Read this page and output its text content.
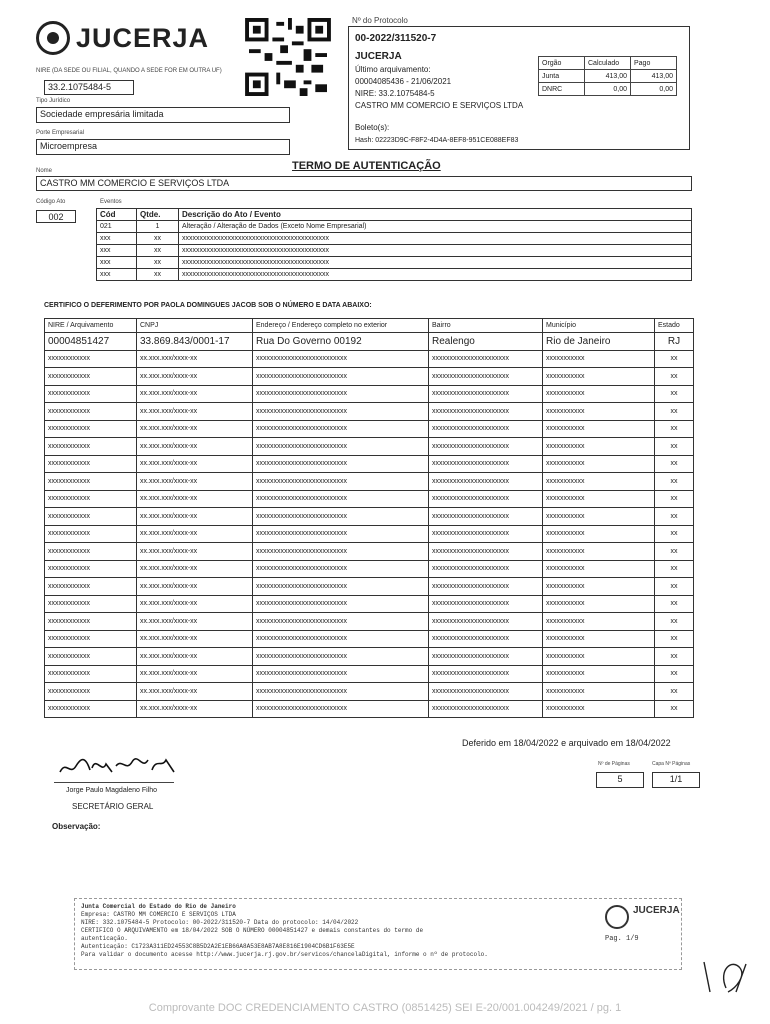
JUCERJA
NIRE (DA SEDE OU FILIAL, QUANDO A SEDE FOR EM OUTRA UF)
33.2.1075484-5
Tipo Jurídico
Sociedade empresária limitada
Porte Empresarial
Microempresa
Nº do Protocolo
00-2022/311520-7
JUCERJA
Último arquivamento:
00004085436 - 21/06/2021
NIRE: 33.2.1075484-5
CASTRO MM COMERCIO E SERVIÇOS LTDA
Boleto(s):
Hash: 02223D9C-F8F2-4D4A-8EF8-951CE088EF83
Orgão	Calculado	Pago
Junta	413,00	413,00
DNRC	0,00	0,00
TERMO DE AUTENTICAÇÃO
Nome
CASTRO MM COMERCIO E SERVIÇOS LTDA
Código Ato	Eventos
002	Cód	Qtde.	Descrição do Ato / Evento
021	1	Alteração / Alteração de Dados (Exceto Nome Empresarial)
xxx	xx	xxxxxxxxxxxxxxxxxxxxxxxxxxxxxxxxxxxxxxxxxx
xxx	xx	xxxxxxxxxxxxxxxxxxxxxxxxxxxxxxxxxxxxxxxxxx
xxx	xx	xxxxxxxxxxxxxxxxxxxxxxxxxxxxxxxxxxxxxxxxxx
xxx	xx	xxxxxxxxxxxxxxxxxxxxxxxxxxxxxxxxxxxxxxxxxx
CERTIFICO O DEFERIMENTO POR PAOLA DOMINGUES JACOB SOB O NÚMERO E DATA ABAIXO:
NIRE / Arquivamento	CNPJ	Endereço / Endereço completo no exterior	Bairro	Município	Estado
00004851427	33.869.843/0001-17	Rua Do Governo 00192	Realengo	Rio de Janeiro	RJ
xxxxxxxxxxxx	xx.xxx.xxx/xxxx-xx	xxxxxxxxxxxxxxxxxxxxxxxxxx	xxxxxxxxxxxxxxxxxxxxxx	xxxxxxxxxxx	xx
xxxxxxxxxxxx	xx.xxx.xxx/xxxx-xx	xxxxxxxxxxxxxxxxxxxxxxxxxx	xxxxxxxxxxxxxxxxxxxxxx	xxxxxxxxxxx	xx
xxxxxxxxxxxx	xx.xxx.xxx/xxxx-xx	xxxxxxxxxxxxxxxxxxxxxxxxxx	xxxxxxxxxxxxxxxxxxxxxx	xxxxxxxxxxx	xx
xxxxxxxxxxxx	xx.xxx.xxx/xxxx-xx	xxxxxxxxxxxxxxxxxxxxxxxxxx	xxxxxxxxxxxxxxxxxxxxxx	xxxxxxxxxxx	xx
xxxxxxxxxxxx	xx.xxx.xxx/xxxx-xx	xxxxxxxxxxxxxxxxxxxxxxxxxx	xxxxxxxxxxxxxxxxxxxxxx	xxxxxxxxxxx	xx
xxxxxxxxxxxx	xx.xxx.xxx/xxxx-xx	xxxxxxxxxxxxxxxxxxxxxxxxxx	xxxxxxxxxxxxxxxxxxxxxx	xxxxxxxxxxx	xx
xxxxxxxxxxxx	xx.xxx.xxx/xxxx-xx	xxxxxxxxxxxxxxxxxxxxxxxxxx	xxxxxxxxxxxxxxxxxxxxxx	xxxxxxxxxxx	xx
xxxxxxxxxxxx	xx.xxx.xxx/xxxx-xx	xxxxxxxxxxxxxxxxxxxxxxxxxx	xxxxxxxxxxxxxxxxxxxxxx	xxxxxxxxxxx	xx
xxxxxxxxxxxx	xx.xxx.xxx/xxxx-xx	xxxxxxxxxxxxxxxxxxxxxxxxxx	xxxxxxxxxxxxxxxxxxxxxx	xxxxxxxxxxx	xx
xxxxxxxxxxxx	xx.xxx.xxx/xxxx-xx	xxxxxxxxxxxxxxxxxxxxxxxxxx	xxxxxxxxxxxxxxxxxxxxxx	xxxxxxxxxxx	xx
xxxxxxxxxxxx	xx.xxx.xxx/xxxx-xx	xxxxxxxxxxxxxxxxxxxxxxxxxx	xxxxxxxxxxxxxxxxxxxxxx	xxxxxxxxxxx	xx
xxxxxxxxxxxx	xx.xxx.xxx/xxxx-xx	xxxxxxxxxxxxxxxxxxxxxxxxxx	xxxxxxxxxxxxxxxxxxxxxx	xxxxxxxxxxx	xx
xxxxxxxxxxxx	xx.xxx.xxx/xxxx-xx	xxxxxxxxxxxxxxxxxxxxxxxxxx	xxxxxxxxxxxxxxxxxxxxxx	xxxxxxxxxxx	xx
xxxxxxxxxxxx	xx.xxx.xxx/xxxx-xx	xxxxxxxxxxxxxxxxxxxxxxxxxx	xxxxxxxxxxxxxxxxxxxxxx	xxxxxxxxxxx	xx
xxxxxxxxxxxx	xx.xxx.xxx/xxxx-xx	xxxxxxxxxxxxxxxxxxxxxxxxxx	xxxxxxxxxxxxxxxxxxxxxx	xxxxxxxxxxx	xx
xxxxxxxxxxxx	xx.xxx.xxx/xxxx-xx	xxxxxxxxxxxxxxxxxxxxxxxxxx	xxxxxxxxxxxxxxxxxxxxxx	xxxxxxxxxxx	xx
xxxxxxxxxxxx	xx.xxx.xxx/xxxx-xx	xxxxxxxxxxxxxxxxxxxxxxxxxx	xxxxxxxxxxxxxxxxxxxxxx	xxxxxxxxxxx	xx
xxxxxxxxxxxx	xx.xxx.xxx/xxxx-xx	xxxxxxxxxxxxxxxxxxxxxxxxxx	xxxxxxxxxxxxxxxxxxxxxx	xxxxxxxxxxx	xx
xxxxxxxxxxxx	xx.xxx.xxx/xxxx-xx	xxxxxxxxxxxxxxxxxxxxxxxxxx	xxxxxxxxxxxxxxxxxxxxxx	xxxxxxxxxxx	xx
xxxxxxxxxxxx	xx.xxx.xxx/xxxx-xx	xxxxxxxxxxxxxxxxxxxxxxxxxx	xxxxxxxxxxxxxxxxxxxxxx	xxxxxxxxxxx	xx
xxxxxxxxxxxx	xx.xxx.xxx/xxxx-xx	xxxxxxxxxxxxxxxxxxxxxxxxxx	xxxxxxxxxxxxxxxxxxxxxx	xxxxxxxxxxx	xx
Deferido em 18/04/2022 e arquivado em 18/04/2022
Nº de Páginas	Capa Nº Páginas
5	1/1
Jorge Paulo Magdaleno Filho
SECRETÁRIO GERAL
Observação:
Junta Comercial do Estado do Rio de Janeiro
Empresa: CASTRO MM COMERCIO E SERVIÇOS LTDA
NIRE: 332.1075484-5 Protocolo: 00-2022/311520-7 Data do protocolo: 14/04/2022
CERTIFICO O ARQUIVAMENTO em 18/04/2022 SOB O NÚMERO 00004851427 e demais constantes do termo de
autenticação.
Autenticação: C1723A311ED24553C8B5D2A2E1EB66A8A53E8AB7A8E816E1904CD6B1F63E5E
Para validar o documento acesse http://www.jucerja.rj.gov.br/servicos/chancelaDigital, informe o nº de protocolo.
JUCERJA
Pag. 1/9
Comprovante DOC CREDENCIAMENTO CASTRO (0851425) SEI E-20/001.004249/2021 / pg. 1
